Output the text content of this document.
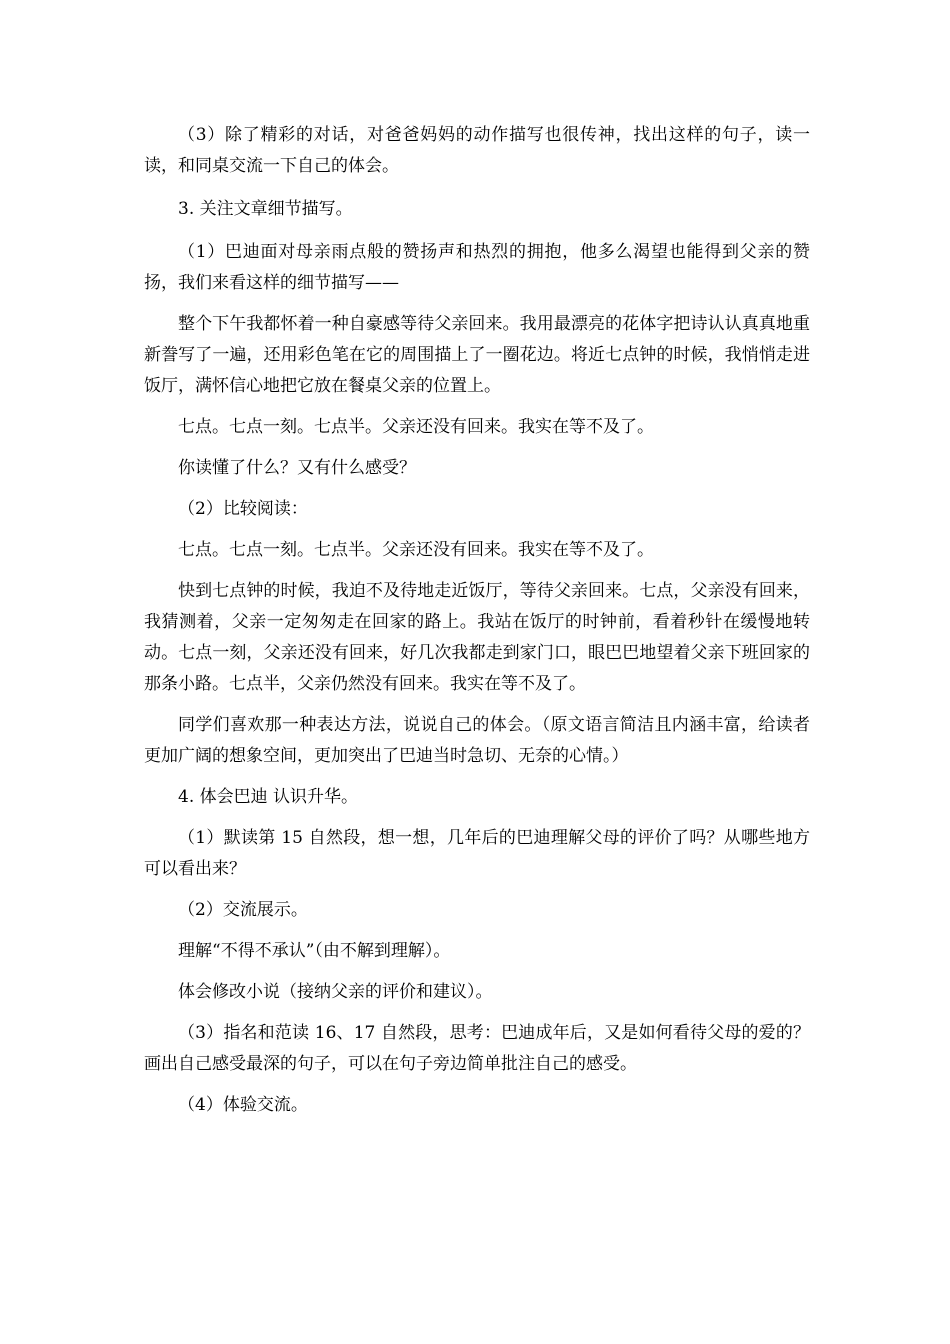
（3）除了精彩的对话，对爸爸妈妈的动作描写也很传神，找出这样的句子，读一读，和同桌交流一下自己的体会。

3. 关注文章细节描写。

（1）巴迪面对母亲雨点般的赞扬声和热烈的拥抱，他多么渴望也能得到父亲的赞扬，我们来看这样的细节描写——

整个下午我都怀着一种自豪感等待父亲回来。我用最漂亮的花体字把诗认认真真地重新誊写了一遍，还用彩色笔在它的周围描上了一圈花边。将近七点钟的时候，我悄悄走进饭厅，满怀信心地把它放在餐桌父亲的位置上。

七点。七点一刻。七点半。父亲还没有回来。我实在等不及了。

你读懂了什么？又有什么感受？

（2）比较阅读：

七点。七点一刻。七点半。父亲还没有回来。我实在等不及了。

快到七点钟的时候，我迫不及待地走近饭厅，等待父亲回来。七点，父亲没有回来，我猜测着，父亲一定匆匆走在回家的路上。我站在饭厅的时钟前，看着秒针在缓慢地转动。七点一刻，父亲还没有回来，好几次我都走到家门口，眼巴巴地望着父亲下班回家的那条小路。七点半，父亲仍然没有回来。我实在等不及了。

同学们喜欢那一种表达方法，说说自己的体会。（原文语言简洁且内涵丰富，给读者更加广阔的想象空间，更加突出了巴迪当时急切、无奈的心情。）

4. 体会巴迪 认识升华。

（1）默读第 15 自然段，想一想，几年后的巴迪理解父母的评价了吗？从哪些地方可以看出来？

（2）交流展示。

理解“不得不承认”（由不解到理解）。

体会修改小说（接纳父亲的评价和建议）。

（3）指名和范读 16、17 自然段，思考：巴迪成年后，又是如何看待父母的爱的？画出自己感受最深的句子，可以在句子旁边简单批注自己的感受。

（4）体验交流。
